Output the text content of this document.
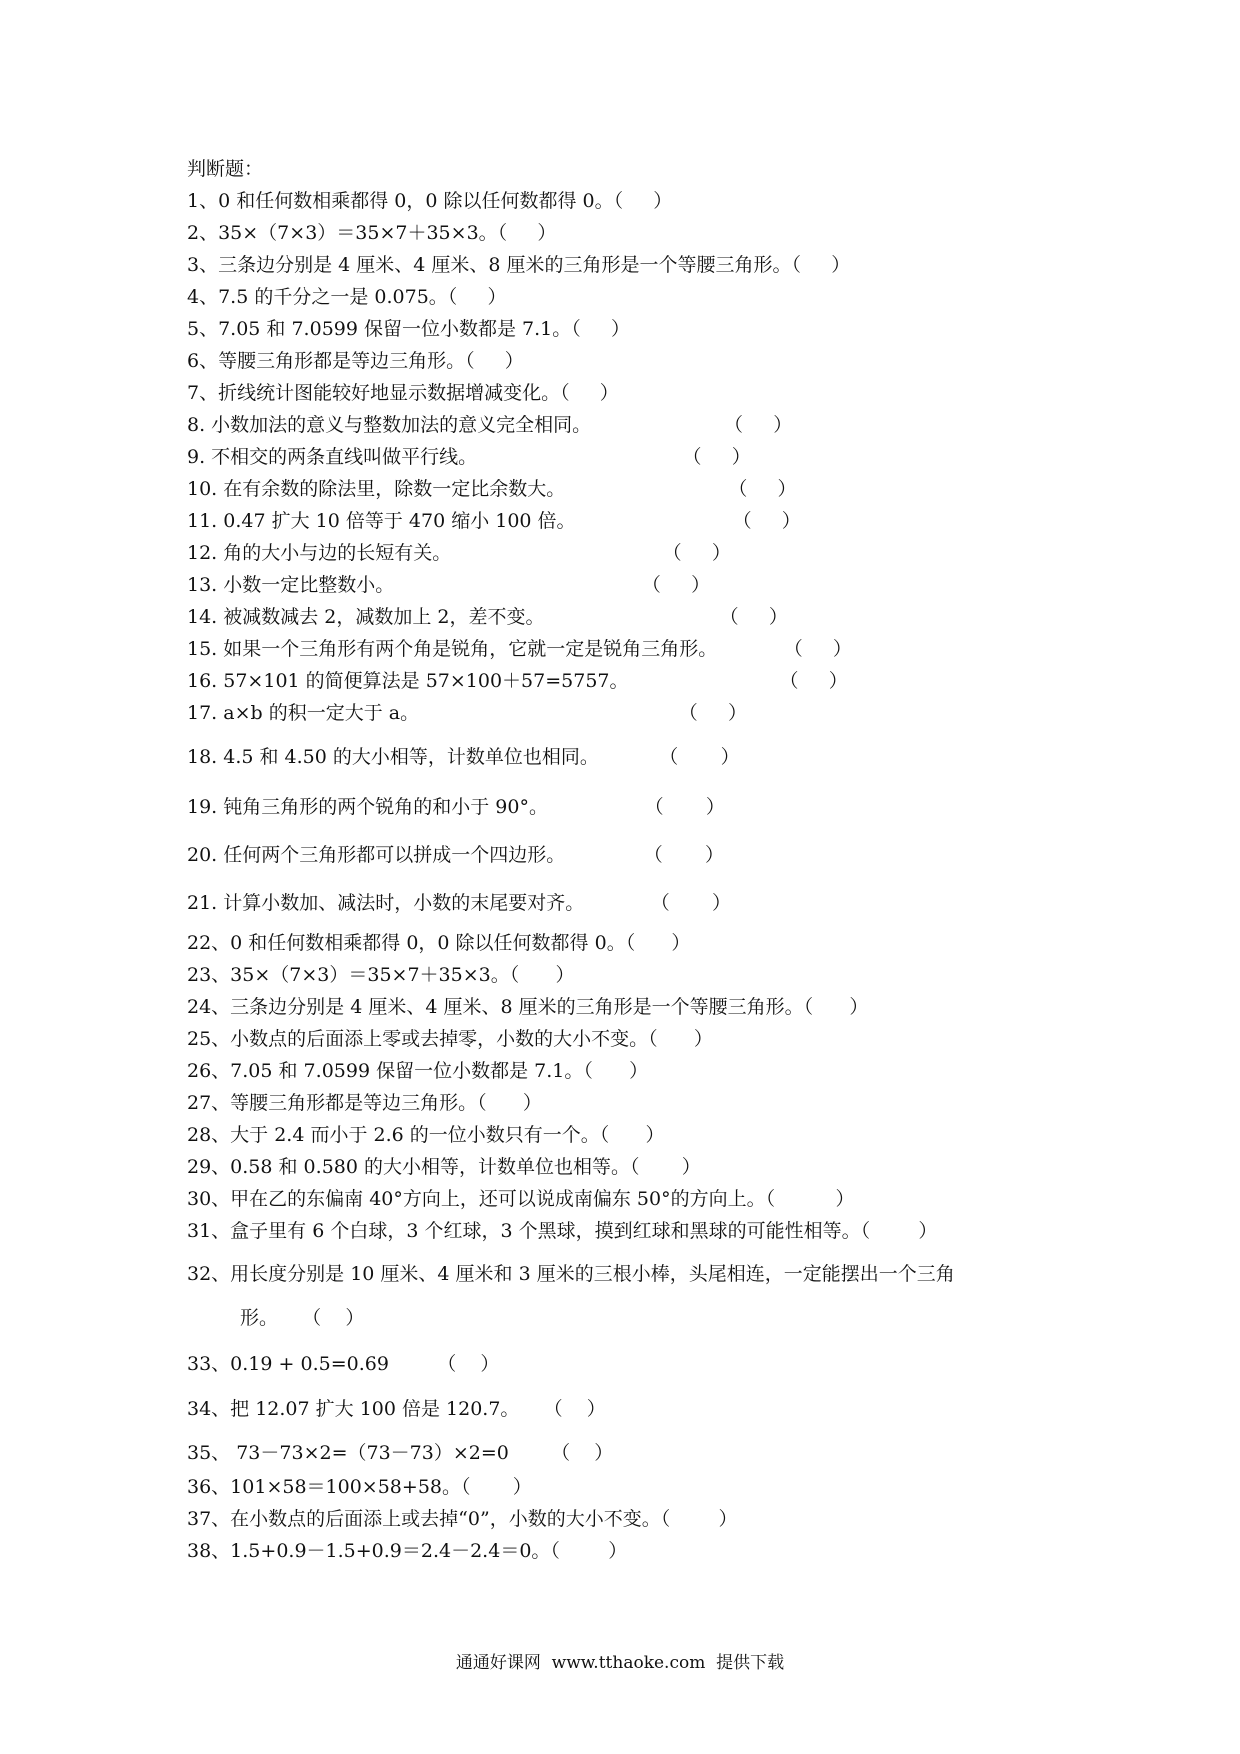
判断题：
1、0 和任何数相乘都得 0，0 除以任何数都得 0。（     ）
2、35×（7×3）＝35×7＋35×3。（     ）
3、三条边分别是 4 厘米、4 厘米、8 厘米的三角形是一个等腰三角形。（     ）
4、7.5 的千分之一是 0.075。（     ）
5、7.05 和 7.0599 保留一位小数都是 7.1。（     ）
6、等腰三角形都是等边三角形。（     ）
7、折线统计图能较好地显示数据增减变化。（     ）
8. 小数加法的意义与整数加法的意义完全相同。                      （     ）
9. 不相交的两条直线叫做平行线。                                  （     ）
10. 在有余数的除法里，除数一定比余数大。                           （     ）
11. 0.47 扩大 10 倍等于 470 缩小 100 倍。                          （     ）
12. 角的大小与边的长短有关。                                   （     ）
13. 小数一定比整数小。                                         （     ）
14. 被减数减去 2，减数加上 2，差不变。                             （     ）
15. 如果一个三角形有两个角是锐角，它就一定是锐角三角形。           （     ）
16. 57×101 的简便算法是 57×100＋57=5757。                         （     ）
17. a×b 的积一定大于 a。                                           （     ）
18. 4.5 和 4.50 的大小相等，计数单位也相同。          （       ）
19. 钝角三角形的两个锐角的和小于 90°。                （       ）
20. 任何两个三角形都可以拼成一个四边形。             （       ）
21. 计算小数加、减法时，小数的末尾要对齐。           （       ）
22、0 和任何数相乘都得 0，0 除以任何数都得 0。（      ）
23、35×（7×3）＝35×7＋35×3。（      ）
24、三条边分别是 4 厘米、4 厘米、8 厘米的三角形是一个等腰三角形。（      ）
25、小数点的后面添上零或去掉零，小数的大小不变。（      ）
26、7.05 和 7.0599 保留一位小数都是 7.1。（      ）
27、等腰三角形都是等边三角形。（      ）
28、大于 2.4 而小于 2.6 的一位小数只有一个。（      ）
29、0.58 和 0.580 的大小相等，计数单位也相等。（       ）
30、甲在乙的东偏南 40°方向上，还可以说成南偏东 50°的方向上。（          ）
31、盒子里有 6 个白球，3 个红球，3 个黑球，摸到红球和黑球的可能性相等。（        ）
32、用长度分别是 10 厘米、4 厘米和 3 厘米的三根小棒，头尾相连，一定能摆出一个三角
形。    （    ）
33、0.19 + 0.5=0.69        （    ）
34、把 12.07 扩大 100 倍是 120.7。    （    ）
35、 73－73×2=（73－73）×2=0       （    ）
36、101×58＝100×58+58。（       ）
37、在小数点的后面添上或去掉“0”，小数的大小不变。（        ）
38、1.5+0.9－1.5+0.9＝2.4－2.4＝0。（        ）
通通好课网  www.tthaoke.com  提供下载
